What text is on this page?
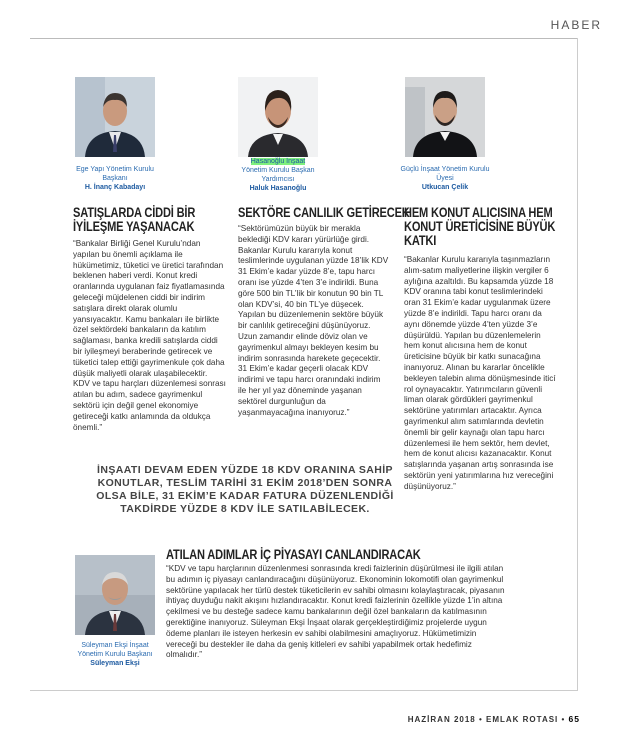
HABER
Ege Yapı Yönetim Kurulu Başkanı
H. İnanç Kabadayı
Hasanoğlu İnşaat
Yönetim Kurulu Başkan Yardımcısı
Haluk Hasanoğlu
Güçlü İnşaat Yönetim Kurulu Üyesi
Utkucan Çelik
SATIŞLARDA CİDDİ BİR İYİLEŞME YAŞANACAK
SEKTÖRE CANLILIK GETİRECEK
HEM KONUT ALICISINA HEM KONUT ÜRETİCİSİNE BÜYÜK KATKI
“Bankalar Birliği Genel Kurulu’ndan yapılan bu önemli açıklama ile hükümetimiz, tüketici ve üretici tarafından beklenen haberi verdi. Konut kredi oranlarında uygulanan faiz fiyatlamasında geleceği müjdelenen ciddi bir indirim satışlara direkt olarak olumlu yansıyacaktır. Kamu bankaları ile birlikte özel sektördeki bankaların da katılım sağlaması, banka kredili satışlarda ciddi bir iyileşmeyi beraberinde getirecek ve tüketici talep ettiği gayrimenkule çok daha düşük maliyetli olarak ulaşabilecektir. KDV ve tapu harçları düzenlemesi sonrası atılan bu adım, sadece gayrimenkul sektörü için değil genel ekonomiye getireceği katkı anlamında da oldukça önemli.”
“Sektörümüzün büyük bir merakla beklediği KDV kararı yürürlüğe girdi. Bakanlar Kurulu kararıyla konut teslimlerinde uygulanan yüzde 18’lik KDV 31 Ekim’e kadar yüzde 8’e, tapu harcı oranı ise yüzde 4’ten 3’e indirildi. Buna göre 500 bin TL’lik bir konutun 90 bin TL olan KDV’si, 40 bin TL’ye düşecek. Yapılan bu düzenlemenin sektöre büyük bir canlılık getireceğini düşünüyoruz. Uzun zamandır elinde döviz olan ve gayrimenkul almayı bekleyen kesim bu indirim sonrasında harekete geçecektir. 31 Ekim’e kadar geçerli olacak KDV indirimi ve tapu harcı oranındaki indirim ile her yıl yaz döneminde yaşanan sektörel durgunluğun da yaşanmayacağına inanıyoruz.”
“Bakanlar Kurulu kararıyla taşınmazların alım-satım maliyetlerine ilişkin vergiler 6 aylığına azaltıldı. Bu kapsamda yüzde 18 KDV oranına tabi konut teslimlerindeki oran 31 Ekim’e kadar uygulanmak üzere yüzde 8’e indirildi. Tapu harcı oranı da aynı dönemde yüzde 4’ten yüzde 3’e düşürüldü. Yapılan bu düzenlemelerin hem konut alıcısına hem de konut üreticisine büyük bir katkı sunacağına inanıyoruz. Alınan bu kararlar öncelikle bekleyen talebin alıma dönüşmesinde iticí rol oynayacaktır. Yatırımcıların güvenli liman olarak gördükleri gayrimenkul sektörüne yatırımları artacaktır. Ayrıca gayrimenkul alım satımlarında devletin önemli bir gelir kaynağı olan tapu harcı düzenlemesi ile hem sektör, hem devlet, hem de konut alıcısı kazanacaktır. Konut satışlarında yaşanan artış sonrasında ise sektörün yeni yatırımlarına hız vereceğini düşünüyoruz.”
İNŞAATI DEVAM EDEN YÜZDE 18 KDV ORANINA SAHİP KONUTLAR, TESLİM TARİHİ 31 EKİM 2018’DEN SONRA OLSA BİLE, 31 EKİM’E KADAR FATURA DÜZENLENDİĞİ TAKDİRDE YÜZDE 8 KDV İLE SATILABİLECEK.
Süleyman Ekşi İnşaat Yönetim Kurulu Başkanı
Süleyman Ekşi
ATILAN ADIMLAR İÇ PİYASAYI CANLANDIRACAK
“KDV ve tapu harçlarının düzenlenmesi sonrasında kredi faizlerinin düşürülmesi ile ilgili atılan bu adımın iç piyasayı canlandıracağını düşünüyoruz. Ekonominin lokomotifi olan gayrimenkul sektörüne yapılacak her türlü destek tüketicilerin ev sahibi olmasını kolaylaştıracak, piyasanın ihtiyaç duyduğu nakit akışını hızlandıracaktır. Konut kredi faizlerinin özellikle yüzde 1’in altına çekilmesi ve bu desteğe sadece kamu bankalarının değil özel bankaların da katılmasının gerektiğine inanıyoruz. Süleyman Ekşi İnşaat olarak gerçekleştirdiğimiz projelerde uygun ödeme planları ile isteyen herkesin ev sahibi olabilmesini amaçlıyoruz. Hükümetimizin vereceği bu destekler ile daha da geniş kitleleri ev sahibi yapabilmek ortak hedefimiz olmalıdır.”
HAZİRAN 2018 • EMLAK ROTASI • 65
